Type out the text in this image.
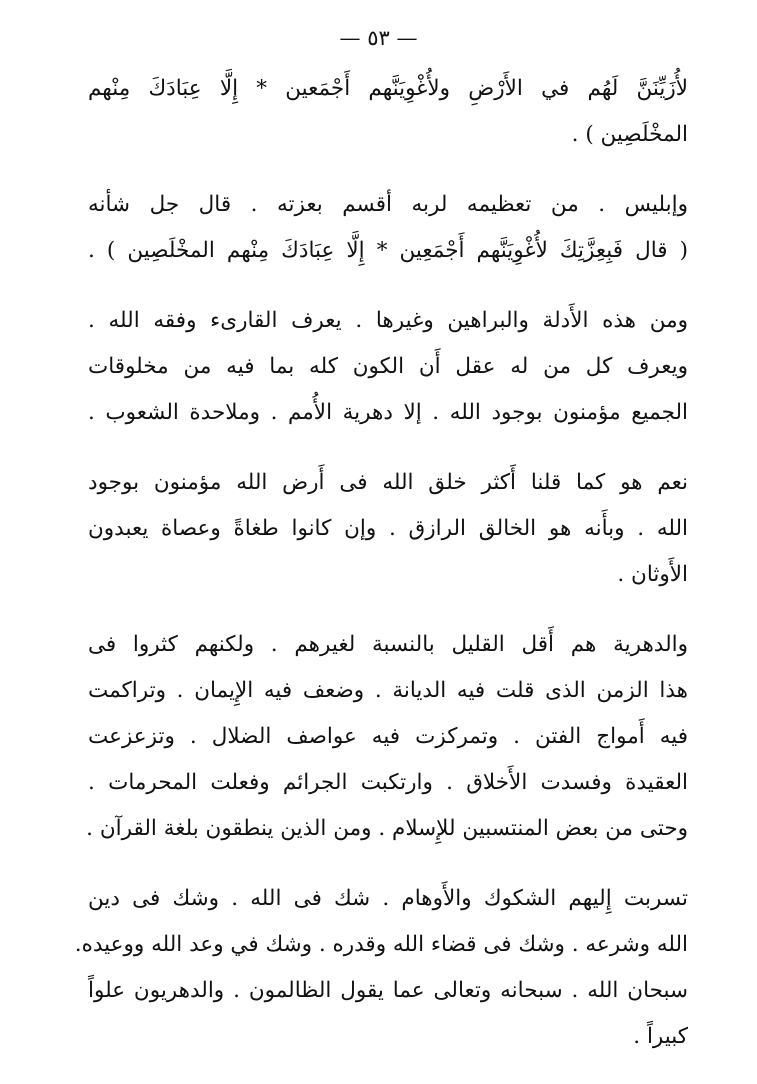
— ٥٣ —
لأُزَيِّنَنَّ لَهُم في الأَرْضِ ولأُغْوِيَنَّهم أَجْمَعين * إِلَّا عِبَادَكَ مِنْهم
المخْلَصِين ) .
وإبليس . من تعظيمه لربه أقسم بعزته . قال جل شأنه
( قال فَبِعِزَّتِكَ لأُغْوِيَنَّهم أَجْمَعِين * إِلَّا عِبَادَكَ مِنْهم المخْلَصِين ) .
ومن هذه الأَدلة والبراهين وغيرها . يعرف القارىء وفقه الله .
ويعرف كل من له عقل أَن الكون كله بما فيه من مخلوقات
الجميع مؤمنون بوجود الله . إلا دهرية الأُمم . وملاحدة الشعوب .
نعم هو كما قلنا أَكثر خلق الله فى أَرض الله مؤمنون بوجود
الله . وبأَنه هو الخالق الرازق . وإن كانوا طغاةً وعصاة يعبدون
الأَوثان .
والدهرية هم أَقل القليل بالنسبة لغيرهم . ولكنهم كثروا فى
هذا الزمن الذى قلت فيه الديانة . وضعف فيه الإِيمان . وتراكمت
فيه أَمواج الفتن . وتمركزت فيه عواصف الضلال . وتزعزعت
العقيدة وفسدت الأَخلاق . وارتكبت الجرائم وفعلت المحرمات .
وحتى من بعض المنتسبين للإِسلام . ومن الذين ينطقون بلغة القرآن .
تسربت إِليهم الشكوك والأَوهام . شك فى الله . وشك فى دين
الله وشرعه . وشك فى قضاء الله وقدره . وشك في وعد الله ووعيده.
سبحان الله . سبحانه وتعالى عما يقول الظالمون . والدهريون علواً
كبيراً .
